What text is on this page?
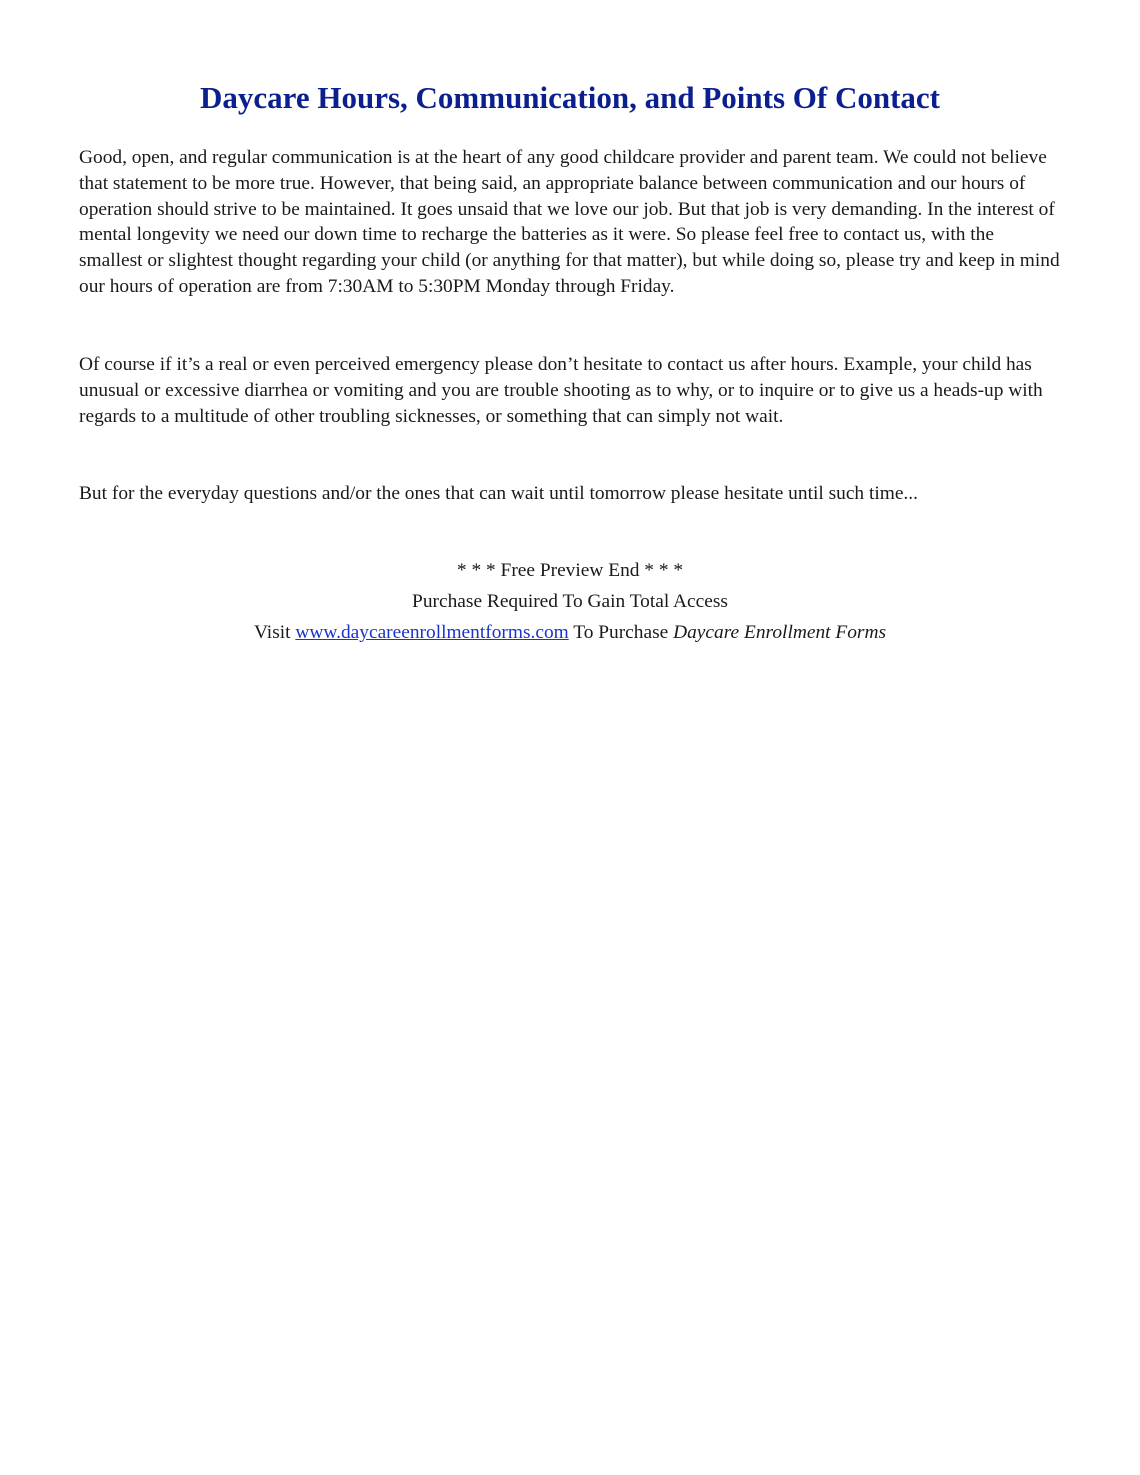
Daycare Hours, Communication, and Points Of Contact

Good, open, and regular communication is at the heart of any good childcare provider and parent team. We could not believe that statement to be more true. However, that being said, an appropriate balance between communication and our hours of operation should strive to be maintained. It goes unsaid that we love our job. But that job is very demanding. In the interest of mental longevity we need our down time to recharge the batteries as it were. So please feel free to contact us, with the smallest or slightest thought regarding your child (or anything for that matter), but while doing so, please try and keep in mind our hours of operation are from 7:30AM to 5:30PM Monday through Friday.

Of course if it’s a real or even perceived emergency please don’t hesitate to contact us after hours. Example, your child has unusual or excessive diarrhea or vomiting and you are trouble shooting as to why, or to inquire or to give us a heads-up with regards to a multitude of other troubling sicknesses, or something that can simply not wait.

But for the everyday questions and/or the ones that can wait until tomorrow please hesitate until such time...

* * * Free Preview End * * *
Purchase Required To Gain Total Access
Visit www.daycareenrollmentforms.com To Purchase Daycare Enrollment Forms
